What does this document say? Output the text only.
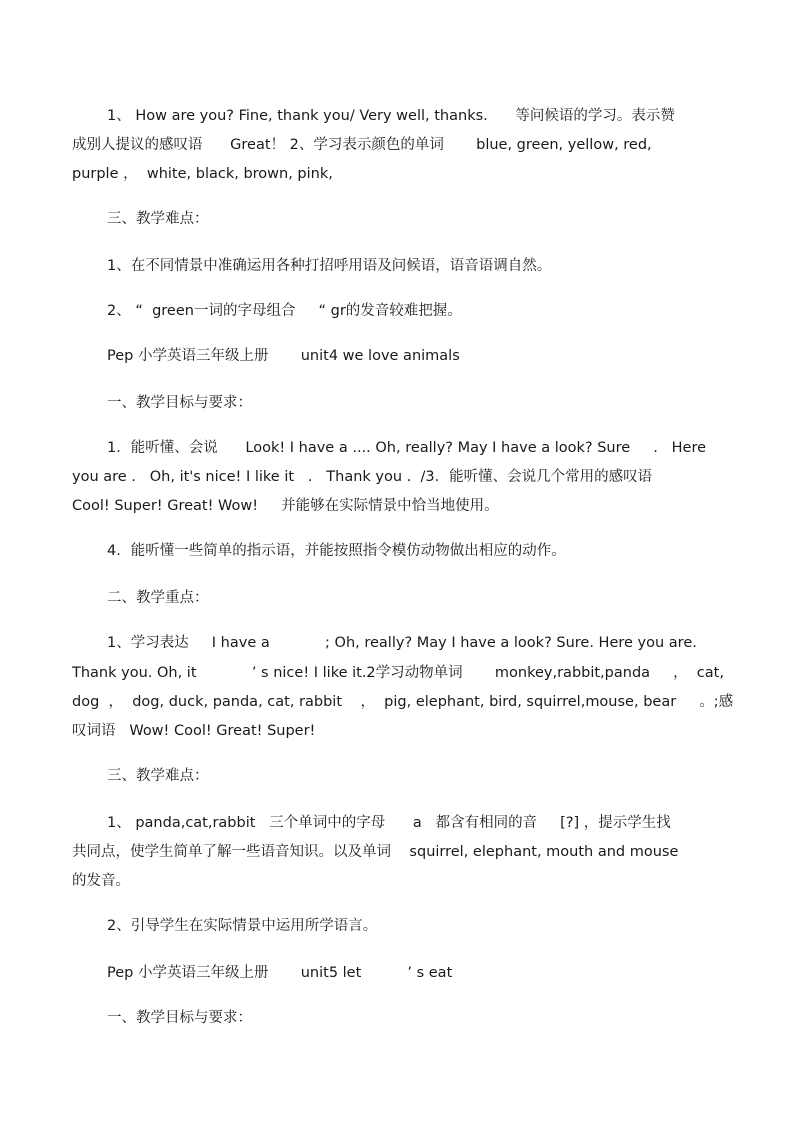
1、 How are you? Fine, thank you/ Very well, thanks.      等问候语的学习。表示赞
成别人提议的感叹语      Great！ 2、学习表示颜色的单词       blue, green, yellow, red,
purple ，  white, black, brown, pink,
三、教学难点：
1、在不同情景中准确运用各种打招呼用语及问候语，语音语调自然。
2、 “  green一词的字母组合     “ gr的发音较难把握。
Pep 小学英语三年级上册       unit4 we love animals
一、教学目标与要求：
1．能听懂、会说      Look! I have a .... Oh, really? May I have a look? Sure     .   Here
you are .   Oh, it's nice! I like it   .   Thank you .  /3．能听懂、会说几个常用的感叹语
Cool! Super! Great! Wow!     并能够在实际情景中恰当地使用。
4．能听懂一些简单的指示语，并能按照指令模仿动物做出相应的动作。
二、教学重点：
1、学习表达     I have a            ; Oh, really? May I have a look? Sure. Here you are.
Thank you. Oh, it            ’ s nice! I like it.2学习动物单词       monkey,rabbit,panda     ，  cat,
dog  ，  dog, duck, panda, cat, rabbit    ，  pig, elephant, bird, squirrel,mouse, bear     。;感
叹词语   Wow! Cool! Great! Super!
三、教学难点：
1、 panda,cat,rabbit   三个单词中的字母      a   都含有相同的音     [?] ，提示学生找
共同点，使学生简单了解一些语音知识。以及单词    squirrel, elephant, mouth and mouse
的发音。
2、引导学生在实际情景中运用所学语言。
Pep 小学英语三年级上册       unit5 let          ’ s eat
一、教学目标与要求：
